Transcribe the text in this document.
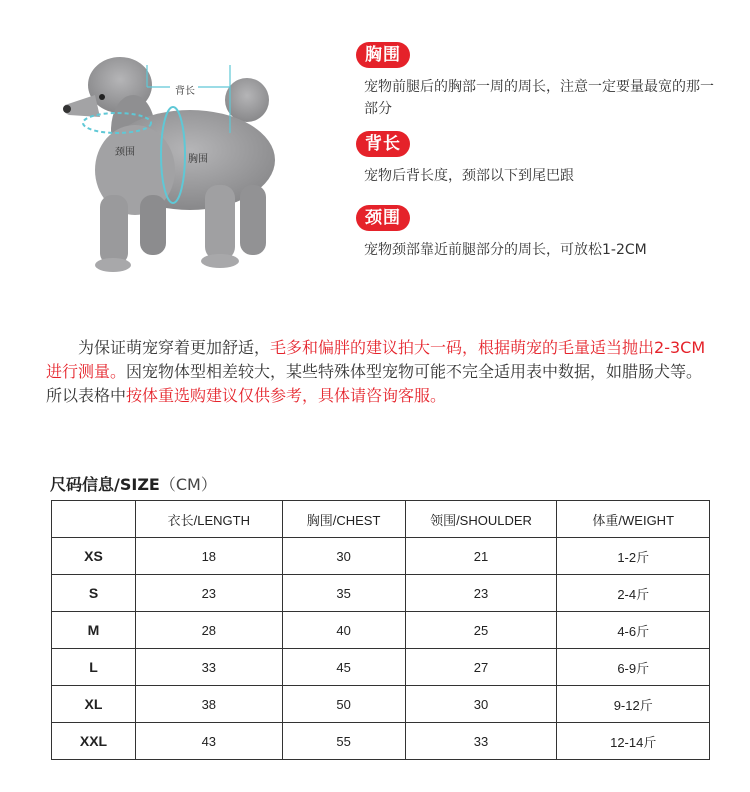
背长
颈围
胸围
胸围
宠物前腿后的胸部一周的周长，注意一定要量最宽的那一部分
背长
宠物后背长度，颈部以下到尾巴跟
颈围
宠物颈部靠近前腿部分的周长，可放松1-2CM
为保证萌宠穿着更加舒适，毛多和偏胖的建议拍大一码，根据萌宠的毛量适当抛出2-3CM进行测量。因宠物体型相差较大，某些特殊体型宠物可能不完全适用表中数据，如腊肠犬等。所以表格中按体重选购建议仅供参考，具体请咨询客服。
尺码信息/SIZE（CM）
	衣长/LENGTH	胸围/CHEST	领围/SHOULDER	体重/WEIGHT
XS	18	30	21	1-2斤
S	23	35	23	2-4斤
M	28	40	25	4-6斤
L	33	45	27	6-9斤
XL	38	50	30	9-12斤
XXL	43	55	33	12-14斤
